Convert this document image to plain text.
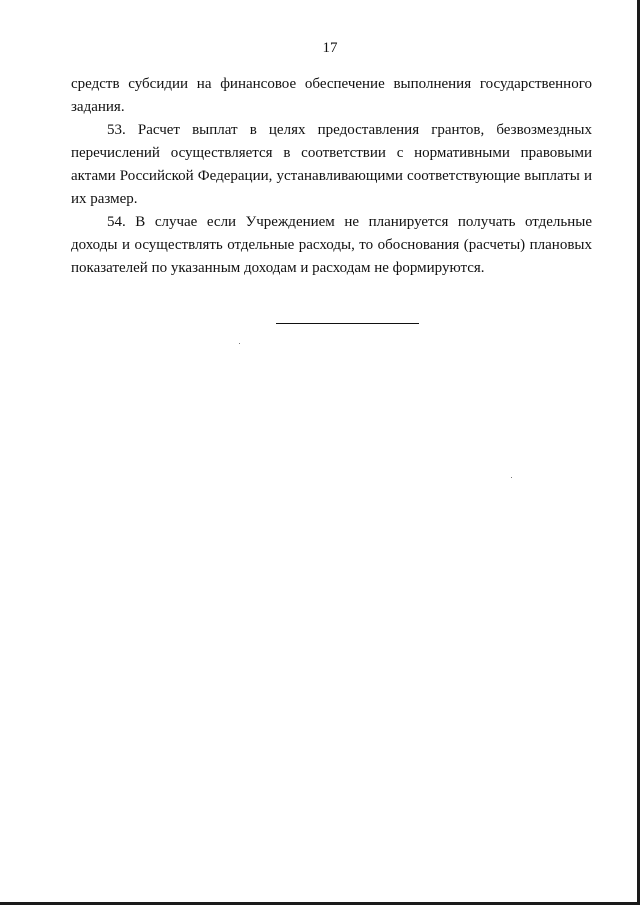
17

средств субсидии на финансовое обеспечение выполнения государственного задания.

53. Расчет выплат в целях предоставления грантов, безвозмездных перечислений осуществляется в соответствии с нормативными правовыми актами Российской Федерации, устанавливающими соответствующие выплаты и их размер.

54. В случае если Учреждением не планируется получать отдельные доходы и осуществлять отдельные расходы, то обоснования (расчеты) плановых показателей по указанным доходам и расходам не формируются.
